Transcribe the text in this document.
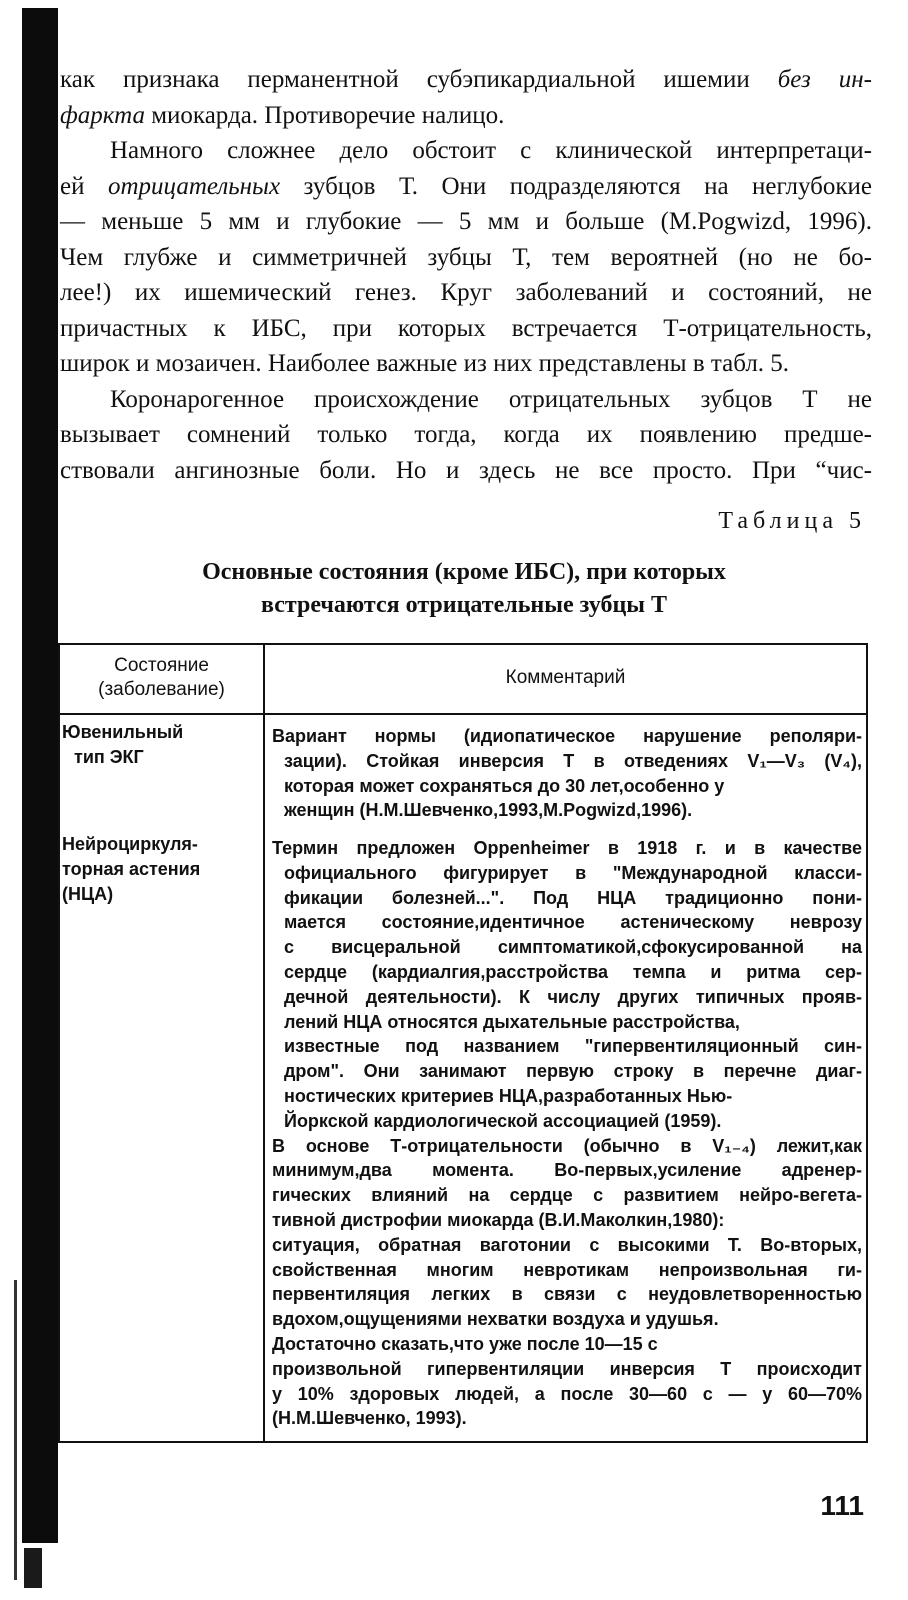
как признака перманентной субэпикардиальной ишемии без ин-
фаркта миокарда. Противоречие налицо.
Намного сложнее дело обстоит с клинической интерпретаци-
ей отрицательных зубцов Т. Они подразделяются на неглубокие
— меньше 5 мм и глубокие — 5 мм и больше (M.Pogwizd, 1996).
Чем глубже и симметричней зубцы Т, тем вероятней (но не бо-
лее!) их ишемический генез. Круг заболеваний и состояний, не
причастных к ИБС, при которых встречается Т-отрицательность,
широк и мозаичен. Наиболее важные из них представлены в табл. 5.
Коронарогенное происхождение отрицательных зубцов Т не
вызывает сомнений только тогда, когда их появлению предше-
ствовали ангинозные боли. Но и здесь не все просто. При “чис-
Таблица 5
Основные состояния (кроме ИБС), при которых
встречаются отрицательные зубцы Т
Состояние
(заболевание)
Комментарий
Ювенильный
тип ЭКГ
Вариант нормы (идиопатическое нарушение реполяри-
зации). Стойкая инверсия Т в отведениях V₁—V₃ (V₄),
которая может сохраняться до 30 лет,особенно у
женщин (Н.М.Шевченко,1993,M.Pogwizd,1996).
Нейроциркуля-
торная астения
(НЦА)
Термин предложен Oppenheimer в 1918 г. и в качестве
официального фигурирует в "Международной класси-
фикации болезней...". Под НЦА традиционно пони-
мается состояние,идентичное астеническому неврозу
с висцеральной симптоматикой,сфокусированной на
сердце (кардиалгия,расстройства темпа и ритма сер-
дечной деятельности). К числу других типичных прояв-
лений НЦА относятся дыхательные расстройства,
известные под названием "гипервентиляционный син-
дром". Они занимают первую строку в перечне диаг-
ностических критериев НЦА,разработанных Нью-
Йоркской кардиологической ассоциацией (1959).
В основе Т-отрицательности (обычно в V₁₋₄) лежит,как
минимум,два момента. Во-первых,усиление адренер-
гических влияний на сердце с развитием нейро-вегета-
тивной дистрофии миокарда (В.И.Маколкин,1980):
ситуация, обратная ваготонии с высокими Т. Во-вторых,
свойственная многим невротикам непроизвольная ги-
первентиляция легких в связи с неудовлетворенностью
вдохом,ощущениями нехватки воздуха и удушья.
Достаточно сказать,что уже после 10—15 с
произвольной гипервентиляции инверсия Т происходит
у 10% здоровых людей, а после 30—60 с — у 60—70%
(Н.М.Шевченко, 1993).
111
